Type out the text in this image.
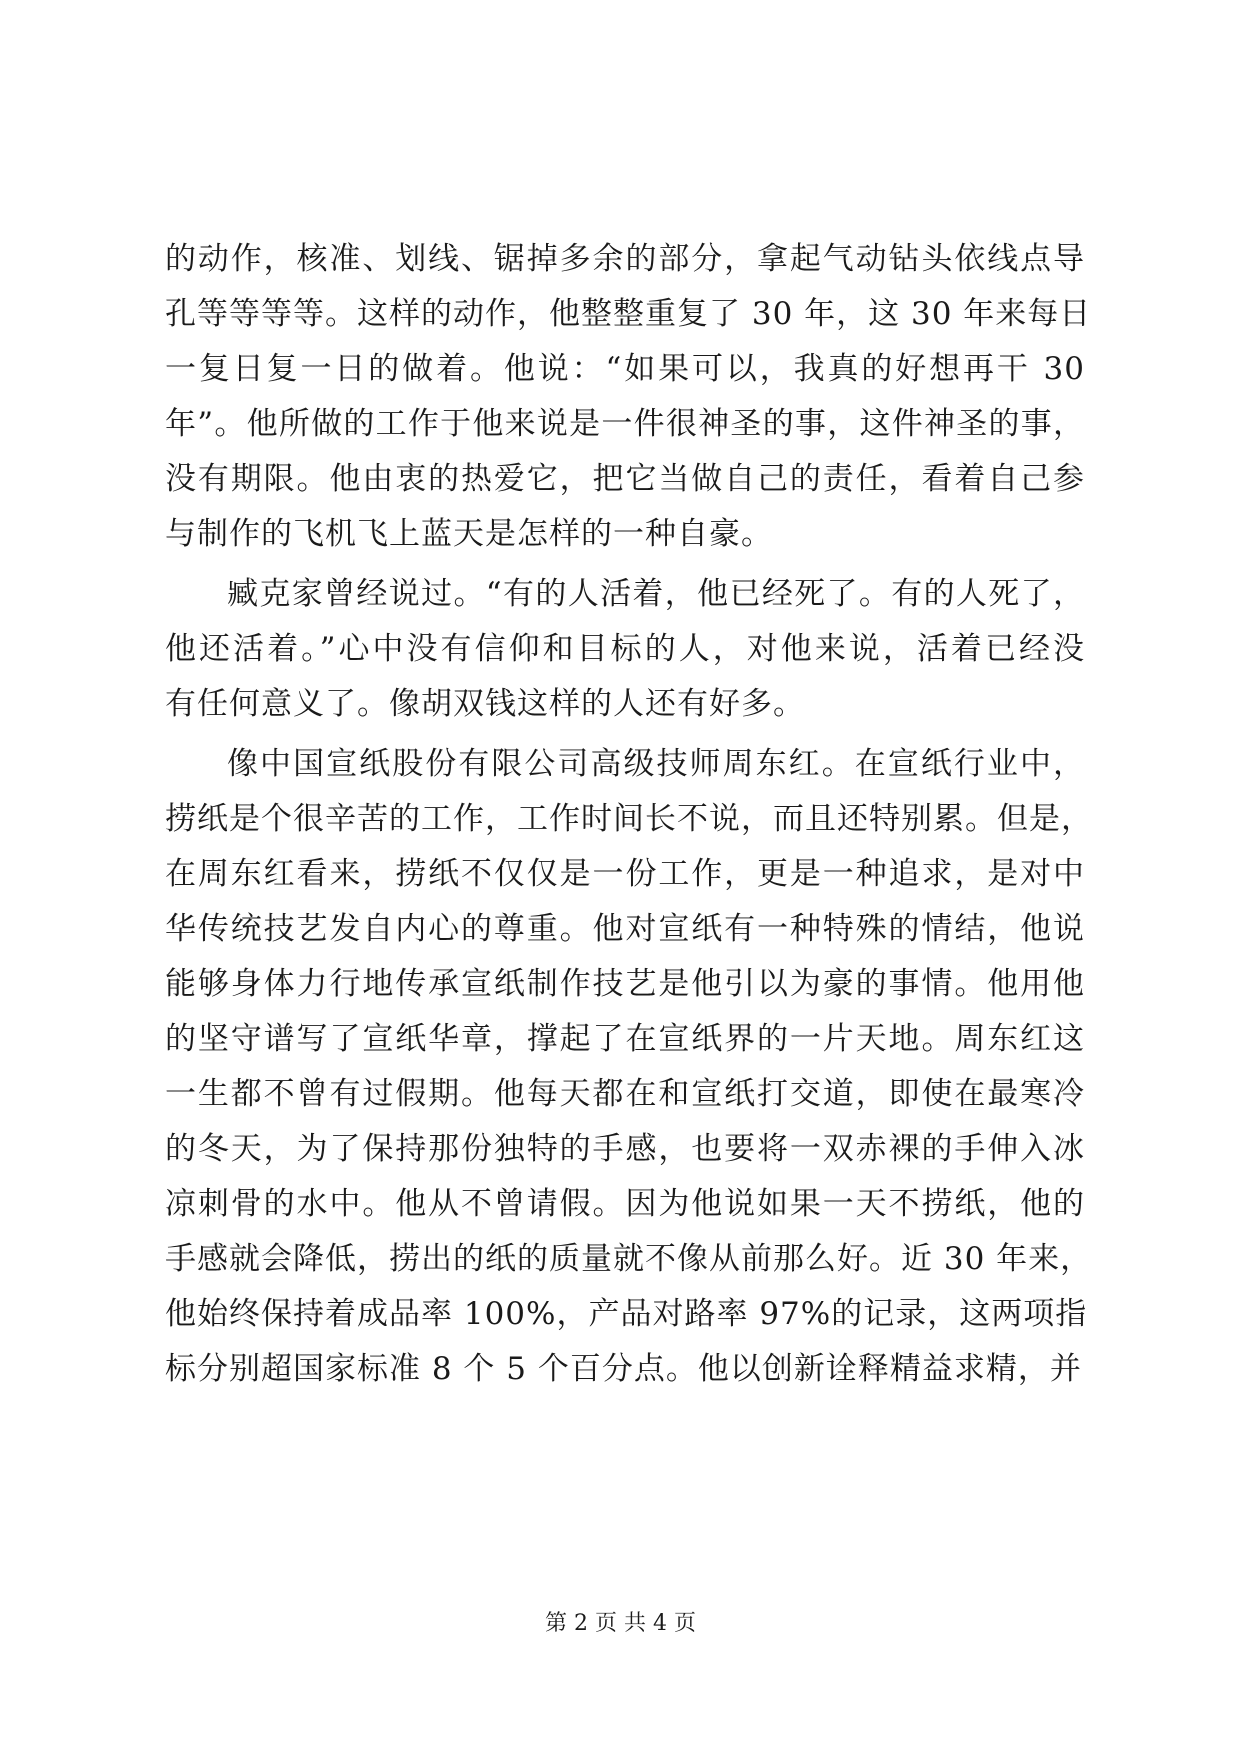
的动作，核准、划线、锯掉多余的部分，拿起气动钻头依线点导
孔等等等等。这样的动作，他整整重复了 30 年，这 30 年来每日
一复日复一日的做着。他说：“如果可以，我真的好想再干 30
年”。他所做的工作于他来说是一件很神圣的事，这件神圣的事，
没有期限。他由衷的热爱它，把它当做自己的责任，看着自己参
与制作的飞机飞上蓝天是怎样的一种自豪。
臧克家曾经说过。“有的人活着，他已经死了。有的人死了，
他还活着。”心中没有信仰和目标的人，对他来说，活着已经没
有任何意义了。像胡双钱这样的人还有好多。
像中国宣纸股份有限公司高级技师周东红。在宣纸行业中，
捞纸是个很辛苦的工作，工作时间长不说，而且还特别累。但是，
在周东红看来，捞纸不仅仅是一份工作，更是一种追求，是对中
华传统技艺发自内心的尊重。他对宣纸有一种特殊的情结，他说
能够身体力行地传承宣纸制作技艺是他引以为豪的事情。他用他
的坚守谱写了宣纸华章，撑起了在宣纸界的一片天地。周东红这
一生都不曾有过假期。他每天都在和宣纸打交道，即使在最寒冷
的冬天，为了保持那份独特的手感，也要将一双赤裸的手伸入冰
凉刺骨的水中。他从不曾请假。因为他说如果一天不捞纸，他的
手感就会降低，捞出的纸的质量就不像从前那么好。近 30 年来，
他始终保持着成品率 100%，产品对路率 97%的记录，这两项指
标分别超国家标准 8 个 5 个百分点。他以创新诠释精益求精，并
第 2 页 共 4 页
